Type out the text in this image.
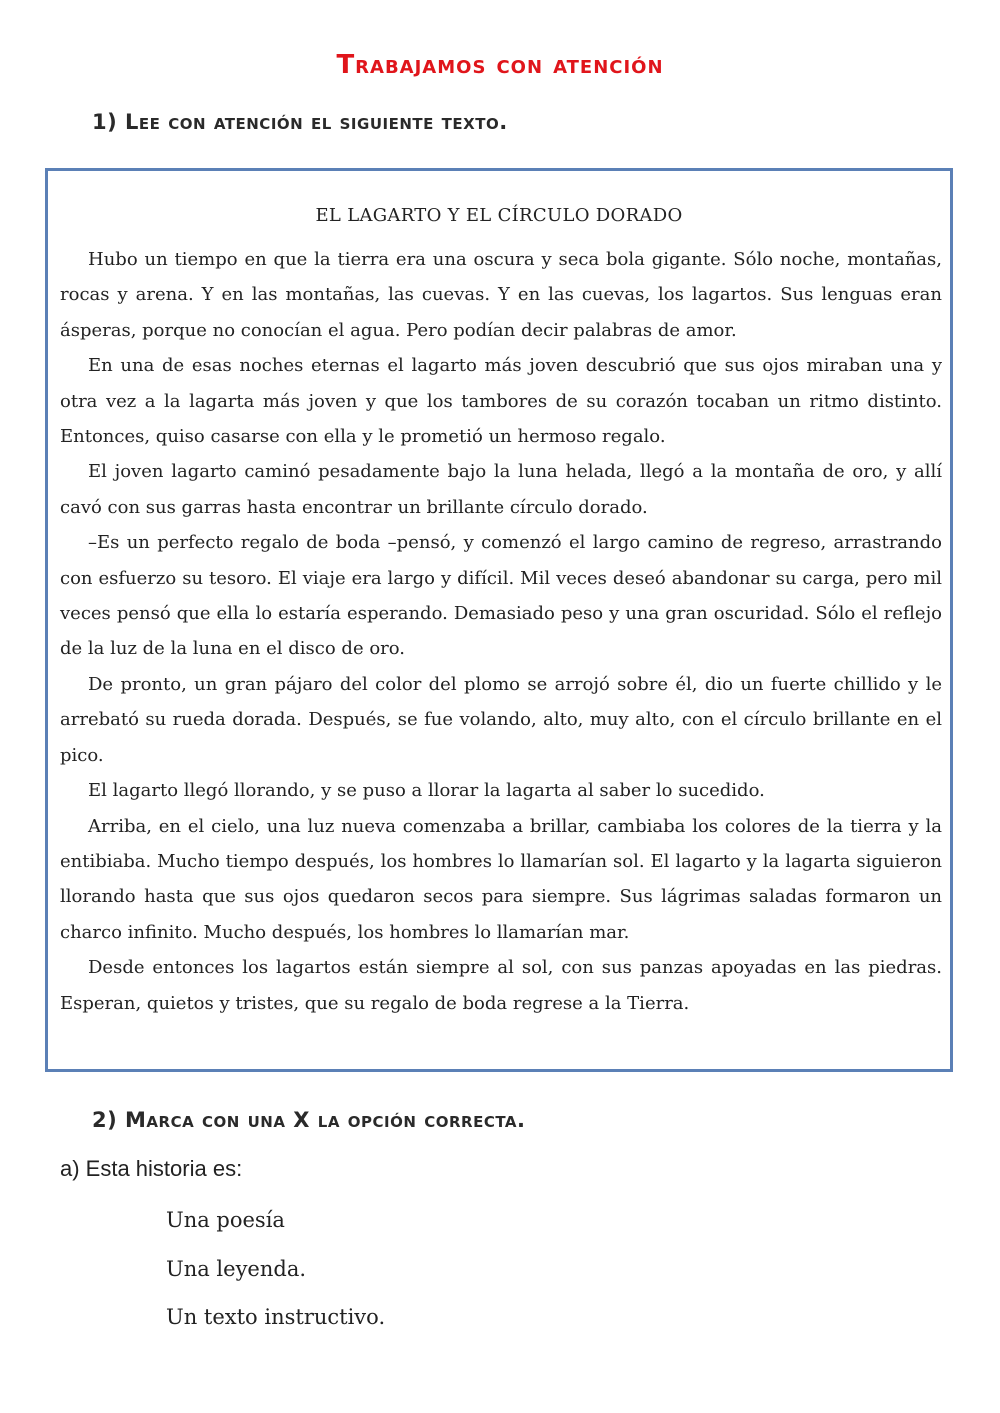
Trabajamos con atención
1) Lee con atención el siguiente texto.
EL LAGARTO Y EL CÍRCULO DORADO

Hubo un tiempo en que la tierra era una oscura y seca bola gigante. Sólo noche, montañas, rocas y arena. Y en las montañas, las cuevas. Y en las cuevas, los lagartos. Sus lenguas eran ásperas, porque no conocían el agua. Pero podían decir palabras de amor.

En una de esas noches eternas el lagarto más joven descubrió que sus ojos miraban una y otra vez a la lagarta más joven y que los tambores de su corazón tocaban un ritmo distinto. Entonces, quiso casarse con ella y le prometió un hermoso regalo.

El joven lagarto caminó pesadamente bajo la luna helada, llegó a la montaña de oro, y allí cavó con sus garras hasta encontrar un brillante círculo dorado.

–Es un perfecto regalo de boda –pensó, y comenzó el largo camino de regreso, arrastrando con esfuerzo su tesoro. El viaje era largo y difícil. Mil veces deseó abandonar su carga, pero mil veces pensó que ella lo estaría esperando. Demasiado peso y una gran oscuridad. Sólo el reflejo de la luz de la luna en el disco de oro.

De pronto, un gran pájaro del color del plomo se arrojó sobre él, dio un fuerte chillido y le arrebató su rueda dorada. Después, se fue volando, alto, muy alto, con el círculo brillante en el pico.

El lagarto llegó llorando, y se puso a llorar la lagarta al saber lo sucedido.

Arriba, en el cielo, una luz nueva comenzaba a brillar, cambiaba los colores de la tierra y la entibiaba. Mucho tiempo después, los hombres lo llamarían sol. El lagarto y la lagarta siguieron llorando hasta que sus ojos quedaron secos para siempre. Sus lágrimas saladas formaron un charco infinito. Mucho después, los hombres lo llamarían mar.

Desde entonces los lagartos están siempre al sol, con sus panzas apoyadas en las piedras. Esperan, quietos y tristes, que su regalo de boda regrese a la Tierra.

2) Marca con una X la opción correcta.
a) Esta historia es:
Una poesía
Una leyenda.
Un texto instructivo.
